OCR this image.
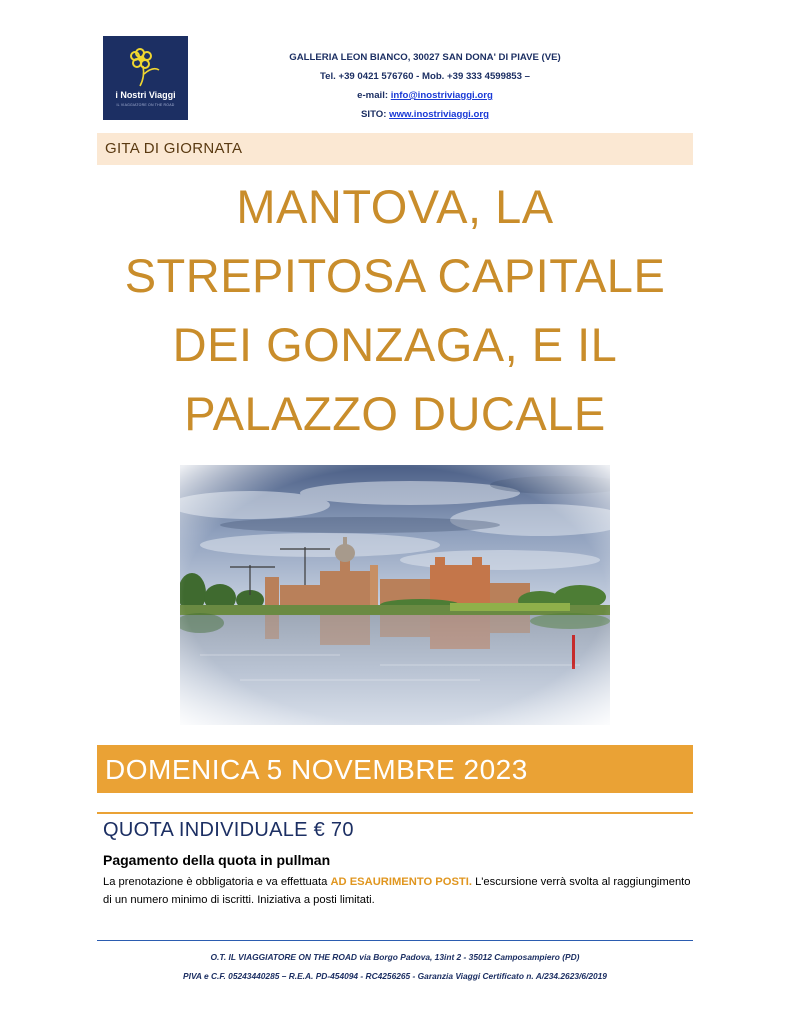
i Nostri Viaggi
IL VIAGGIATORE ON THE ROAD
GALLERIA LEON BIANCO, 30027 SAN DONA' DI PIAVE (VE)
Tel. +39 0421 576760 - Mob. +39 333 4599853 –
e-mail: info@inostriviaggi.org
SITO: www.inostriviaggi.org
GITA DI GIORNATA
MANTOVA, LA
STREPITOSA CAPITALE
DEI GONZAGA, E IL
PALAZZO DUCALE
DOMENICA 5 NOVEMBRE 2023
QUOTA INDIVIDUALE € 70
Pagamento della quota in pullman
La prenotazione è obbligatoria e va effettuata AD ESAURIMENTO POSTI. L'escursione verrà svolta al raggiungimento di un numero minimo di iscritti. Iniziativa a posti limitati.
O.T. IL VIAGGIATORE ON THE ROAD via Borgo Padova, 13int 2 - 35012 Camposampiero (PD)
PIVA e C.F. 05243440285 – R.E.A. PD-454094 - RC4256265 - Garanzia Viaggi Certificato n. A/234.2623/6/2019
